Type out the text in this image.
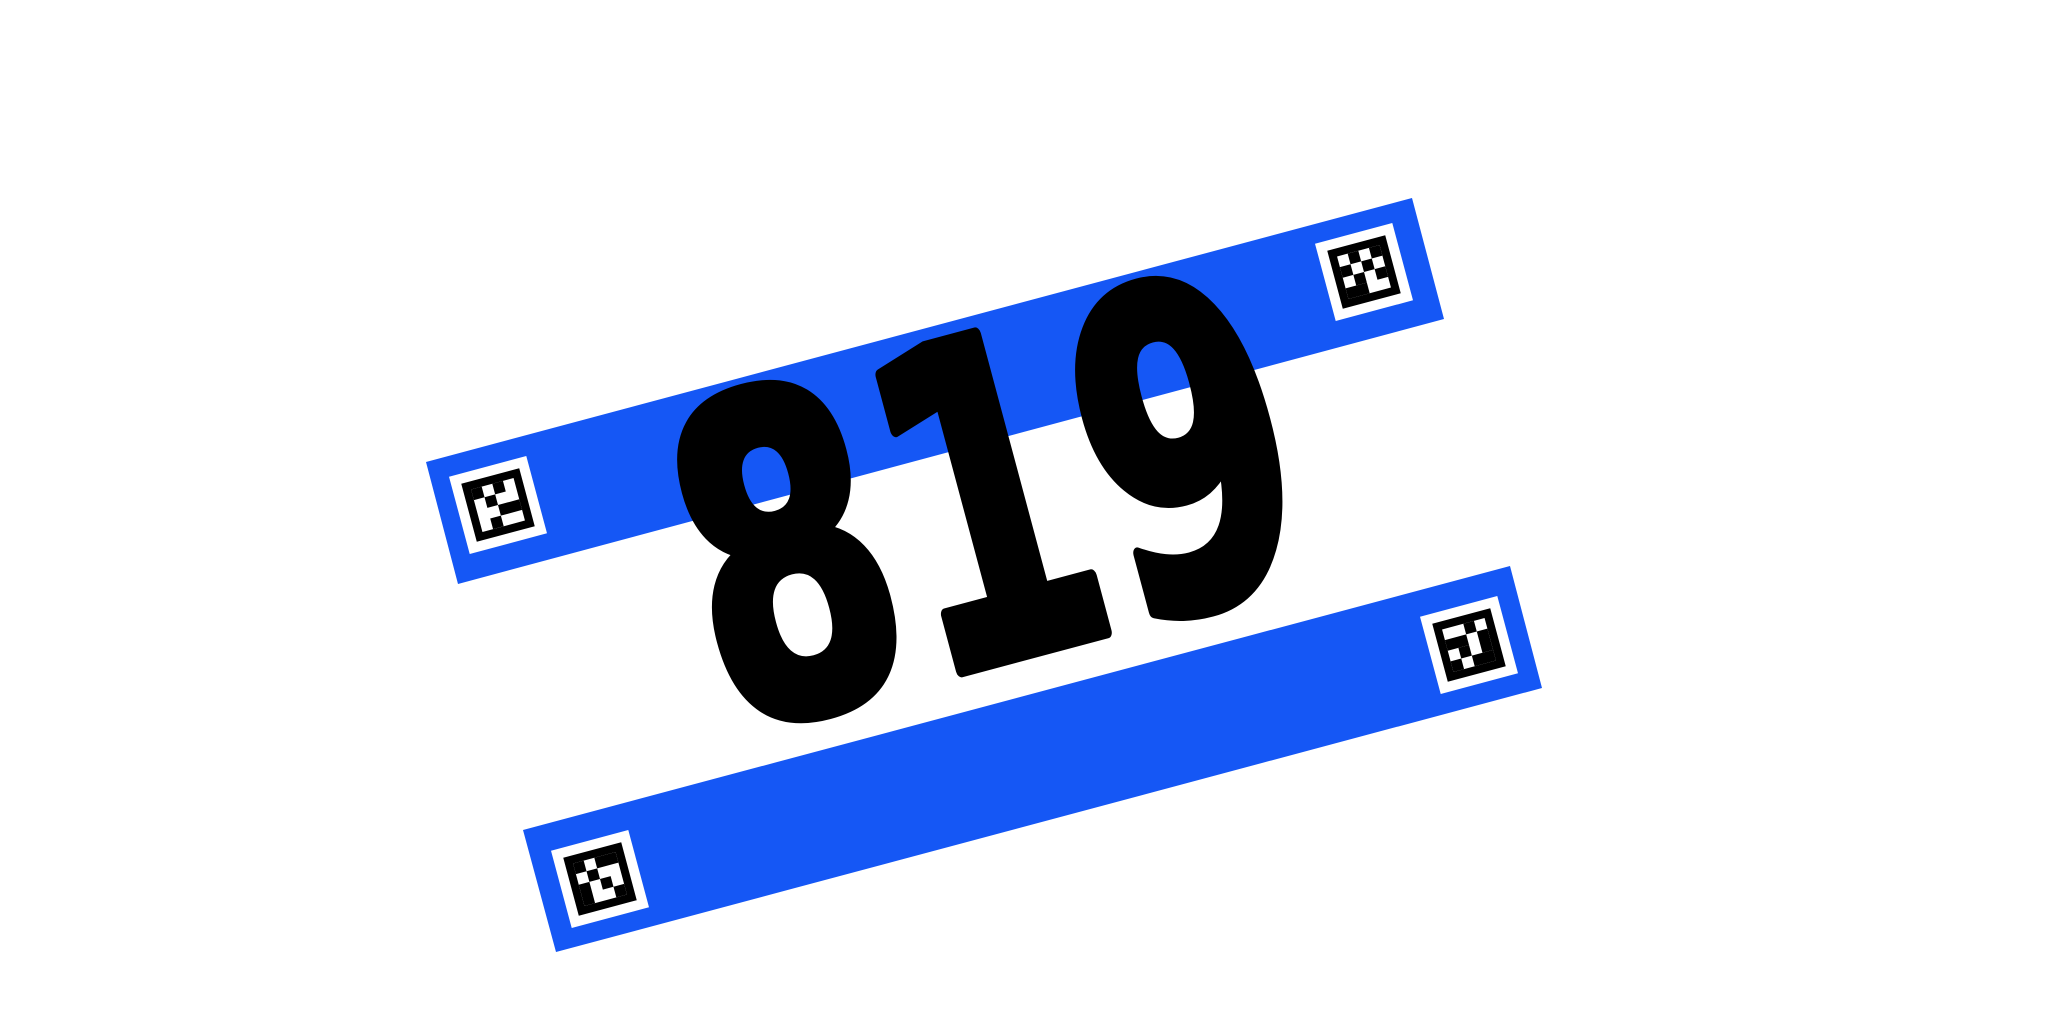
819
